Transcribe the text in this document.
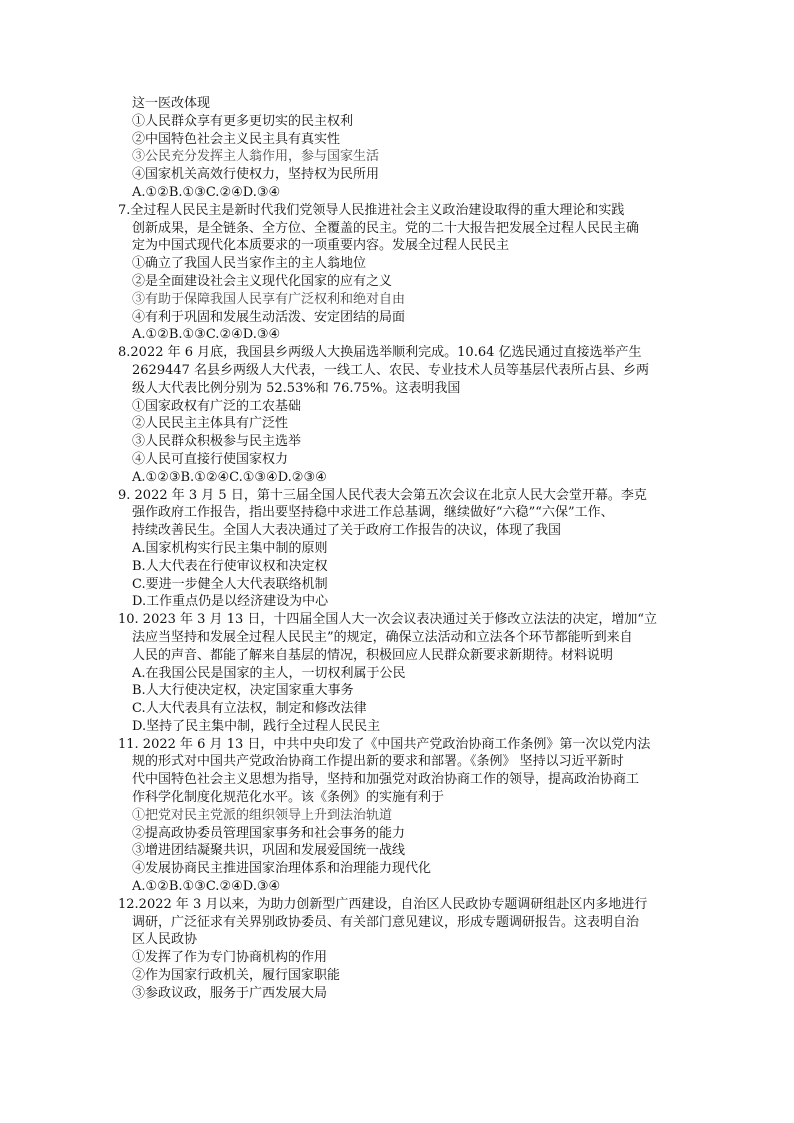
这一医改体现
①人民群众享有更多更切实的民主权利
②中国特色社会主义民主具有真实性
③公民充分发挥主人翁作用，参与国家生活
④国家机关高效行使权力，坚持权为民所用
A.①②B.①③C.②④D.③④
7.全过程人民民主是新时代我们党领导人民推进社会主义政治建设取得的重大理论和实践
创新成果，是全链条、全方位、全覆盖的民主。党的二十大报告把发展全过程人民民主确
定为中国式现代化本质要求的一项重要内容。发展全过程人民民主
①确立了我国人民当家作主的主人翁地位
②是全面建设社会主义现代化国家的应有之义
③有助于保障我国人民享有广泛权利和绝对自由
④有利于巩固和发展生动活泼、安定团结的局面
A.①②B.①③C.②④D.③④
8.2022 年 6 月底，我国县乡两级人大换届选举顺利完成。10.64 亿选民通过直接选举产生
2629447 名县乡两级人大代表，一线工人、农民、专业技术人员等基层代表所占县、乡两
级人大代表比例分别为 52.53%和 76.75%。这表明我国
①国家政权有广泛的工农基础
②人民民主主体具有广泛性
③人民群众积极参与民主选举
④人民可直接行使国家权力
A.①②③B.①②④C.①③④D.②③④
9. 2022 年 3 月 5 日，第十三届全国人民代表大会第五次会议在北京人民大会堂开幕。李克
强作政府工作报告，指出要坚持稳中求进工作总基调，继续做好“六稳”“六保”工作、
持续改善民生。全国人大表决通过了关于政府工作报告的决议，体现了我国
A.国家机构实行民主集中制的原则
B.人大代表在行使审议权和决定权
C.要进一步健全人大代表联络机制
D.工作重点仍是以经济建设为中心
10. 2023 年 3 月 13 日，十四届全国人大一次会议表决通过关于修改立法法的决定，增加“立
法应当坚持和发展全过程人民民主”的规定，确保立法活动和立法各个环节都能听到来自
人民的声音、都能了解来自基层的情况，积极回应人民群众新要求新期待。材料说明
A.在我国公民是国家的主人，一切权利属于公民
B.人大行使决定权，决定国家重大事务
C.人大代表具有立法权，制定和修改法律
D.坚持了民主集中制，践行全过程人民民主
11. 2022 年 6 月 13 日，中共中央印发了《中国共产党政治协商工作条例》第一次以党内法
规的形式对中国共产党政治协商工作提出新的要求和部署。《条例》 坚持以习近平新时
代中国特色社会主义思想为指导，坚持和加强党对政治协商工作的领导，提高政治协商工
作科学化制度化规范化水平。该《条例》的实施有利于
①把党对民主党派的组织领导上升到法治轨道
②提高政协委员管理国家事务和社会事务的能力
③增进团结凝聚共识，巩固和发展爱国统一战线
④发展协商民主推进国家治理体系和治理能力现代化
A.①②B.①③C.②④D.③④
12.2022 年 3 月以来，为助力创新型广西建设，自治区人民政协专题调研组赴区内多地进行
调研，广泛征求有关界别政协委员、有关部门意见建议，形成专题调研报告。这表明自治
区人民政协
①发挥了作为专门协商机构的作用
②作为国家行政机关，履行国家职能
③参政议政，服务于广西发展大局
